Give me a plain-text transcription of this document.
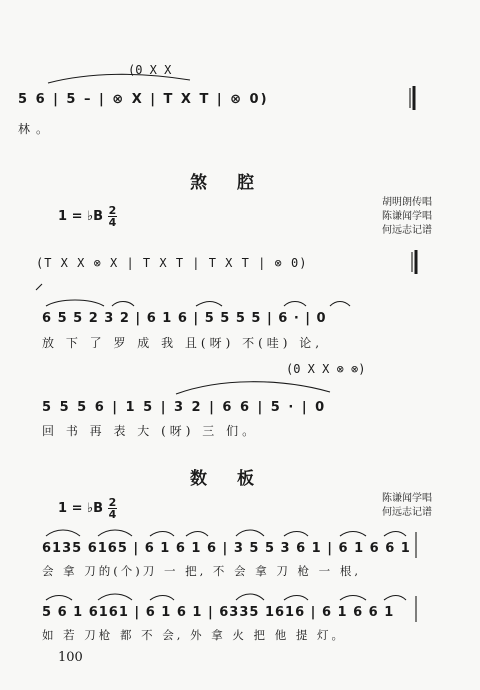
(0 X X
5 6 | 5 – | ⊗ X | T X T | ⊗ 0)
林。
煞腔
1 = ♭B $\frac{2}{4}$
胡明朗传唱
陈谦闻学唱
何远志记谱
(T X X ⊗ X | T X T | T X T | ⊗ 0)
6 5 5 2 3 2 | 6 1 6 | 5 5 5 5 | 6 · | 0
放 下 了 罗 成 我 且(呀) 不(哇) 论,
(0 X X ⊗ ⊗)
5 5 5 6 | 1 5 | 3 2 | 6 6 | 5 · | 0
回 书 再 表 大 (呀) 三 们。
数板
1 = ♭B $\frac{2}{4}$	陈谦闻学唱
何远志记谱
6135 6165 | 6 1 6 1 6 | 3 5 5 3 6 1 | 6 1 6 6 1
会 拿 刀的(个)刀 一 把, 不 会 拿 刀 枪 一 根,
5 6 1 6161 | 6 1 6 1 | 6335 1616 | 6 1 6 6 1
如 若 刀枪 都 不 会, 外 拿 火 把 他 提 灯。
100
